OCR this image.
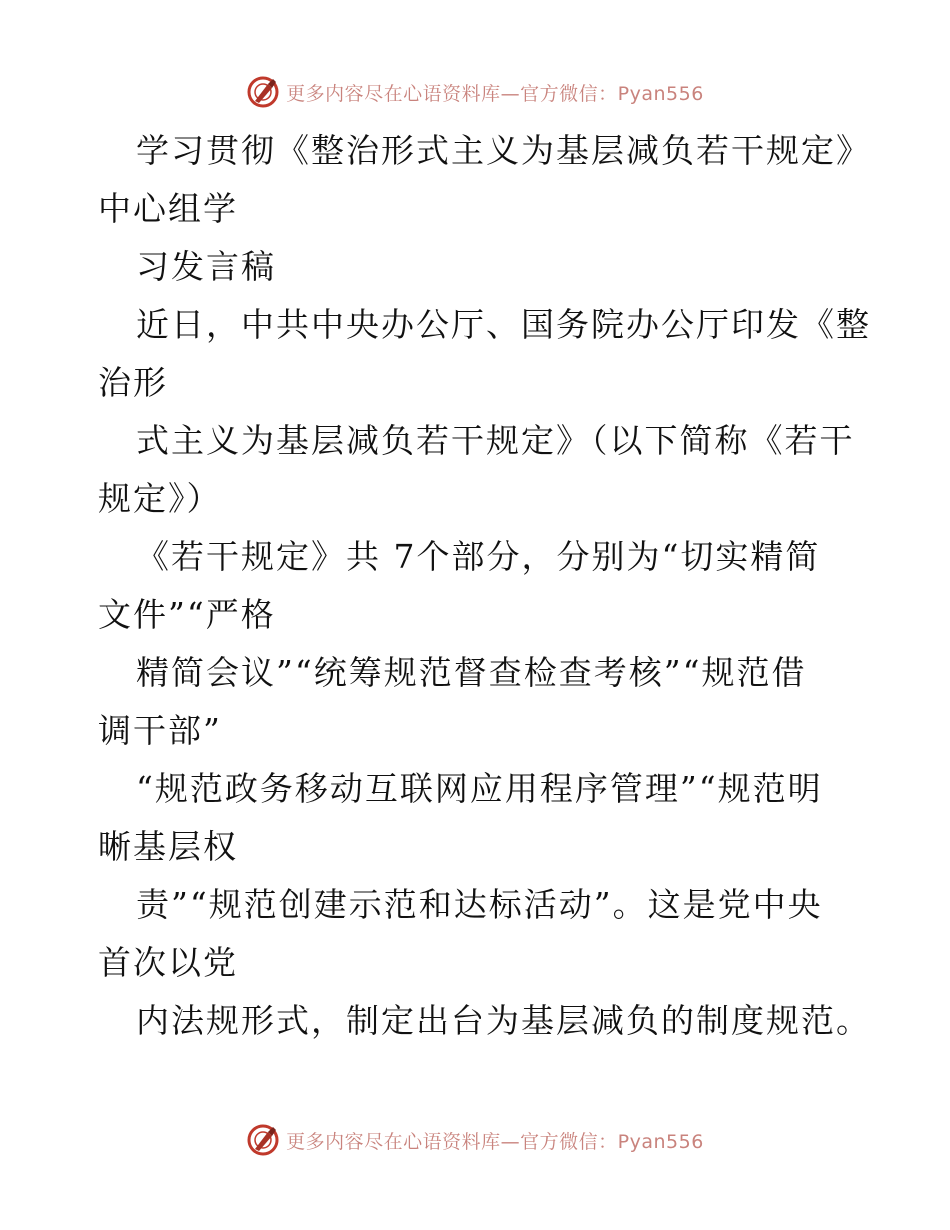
更多内容尽在心语资料库—官方微信：Pyan556
学习贯彻《整治形式主义为基层减负若干规定》
中心组学
习发言稿
近日，中共中央办公厅、国务院办公厅印发《整
治形
式主义为基层减负若干规定》（以下简称《若干
规定》）
《若干规定》共 7个部分，分别为“切实精简
文件”“严格
精简会议”“统筹规范督查检查考核”“规范借
调干部”
“规范政务移动互联网应用程序管理”“规范明
晰基层权
责”“规范创建示范和达标活动”。这是党中央
首次以党
内法规形式，制定出台为基层减负的制度规范。
更多内容尽在心语资料库—官方微信：Pyan556
